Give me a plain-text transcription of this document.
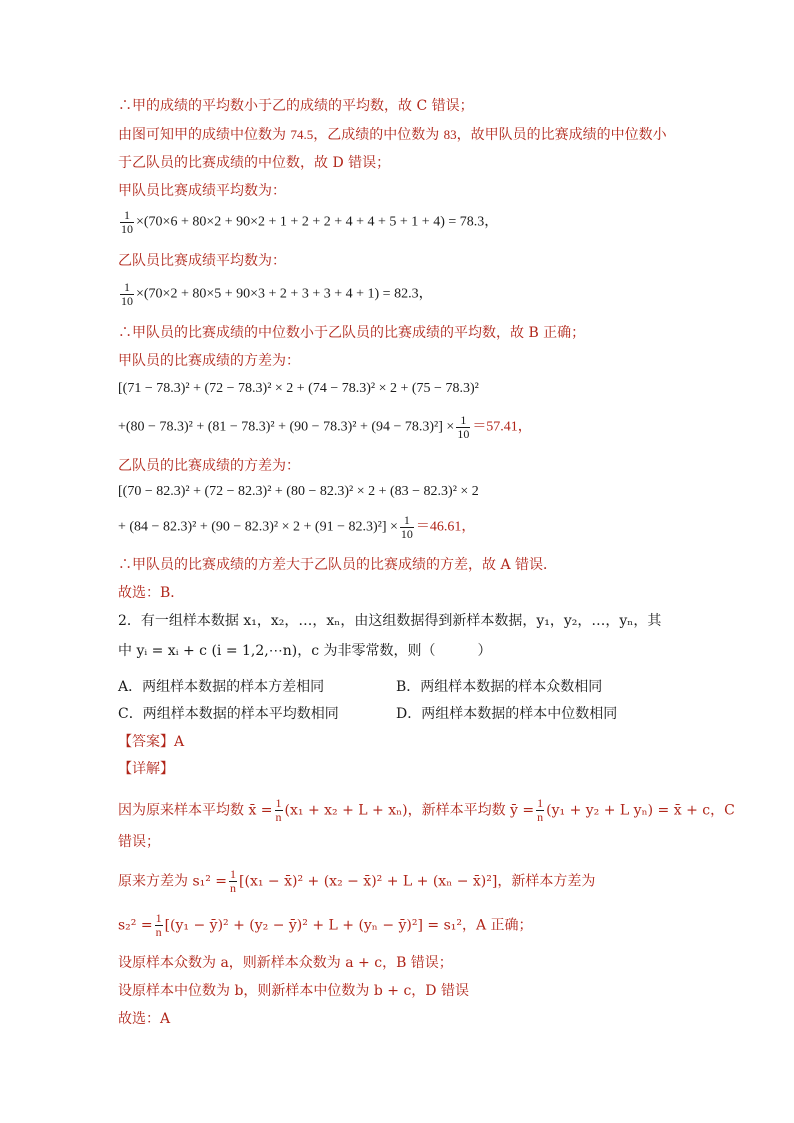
∴甲的成绩的平均数小于乙的成绩的平均数，故 C 错误；
由图可知甲的成绩中位数为 74.5，乙成绩的中位数为 83，故甲队员的比赛成绩的中位数小
于乙队员的比赛成绩的中位数，故 D 错误；
甲队员比赛成绩平均数为：
$\frac{1}{10} \times(70\times 6 + 80\times 2 + 90\times 2 + 1 + 2 + 2 + 4 + 4 + 5 + 1 + 4) = 78.3$，
乙队员比赛成绩平均数为：
$\frac{1}{10} \times(70\times 2 + 80\times 5 + 90\times 3 + 2 + 3 + 3 + 4 + 1) = 82.3$，
∴甲队员的比赛成绩的中位数小于乙队员的比赛成绩的平均数，故 B 正确；
甲队员的比赛成绩的方差为：
[(71 − 78.3)² + (72 − 78.3)² × 2 + (74 − 78.3)² × 2 + (75 − 78.3)²
$+(80 - 78.3)^2 + (81 - 78.3)^2 + (90 - 78.3)^2 + (94 - 78.3)^2] \times \frac{1}{10} =57.41$，
乙队员的比赛成绩的方差为：
[(70 − 82.3)² + (72 − 82.3)² + (80 − 82.3)² × 2 + (83 − 82.3)² × 2
+ $(84 - 82.3)^2 + (90 - 82.3)^2 \times 2 + (91 - 82.3)^2] \times \frac{1}{10} =46.61$，
∴甲队员的比赛成绩的方差大于乙队员的比赛成绩的方差，故 A 错误．
故选：B．
2．有一组样本数据 x₁，x₂，…，xₙ，由这组数据得到新样本数据，y₁，y₂，…，yₙ，其
中 yᵢ = xᵢ + c (i = 1,2,⋯n)，c 为非零常数，则（　　　）
A．两组样本数据的样本方差相同	B．两组样本数据的样本众数相同
C．两组样本数据的样本平均数相同	D．两组样本数据的样本中位数相同
【答案】A
【详解】
因为原来样本平均数 x̄ = $\frac{1}{n} (x_1 + x_2 + L + x_n)$，新样本平均数 ȳ = $\frac{1}{n} (y_1 + y_2 + L$ yₙ) = x̄ + c，C
错误；
原来方差为 $s_1^2 = \frac{1}{n} [(x_1$ − x̄)² + (x₂ − x̄)² + L + (xₙ − x̄)²]，新样本方差为
$s_2^2 = \frac{1}{n} [(y_1$ − ȳ)² + (y₂ − ȳ)² + L + (yₙ − ȳ)²] = s₁²，A 正确；
设原样本众数为 a，则新样本众数为 a + c，B 错误；
设原样本中位数为 b，则新样本中位数为 b + c，D 错误
故选：A
